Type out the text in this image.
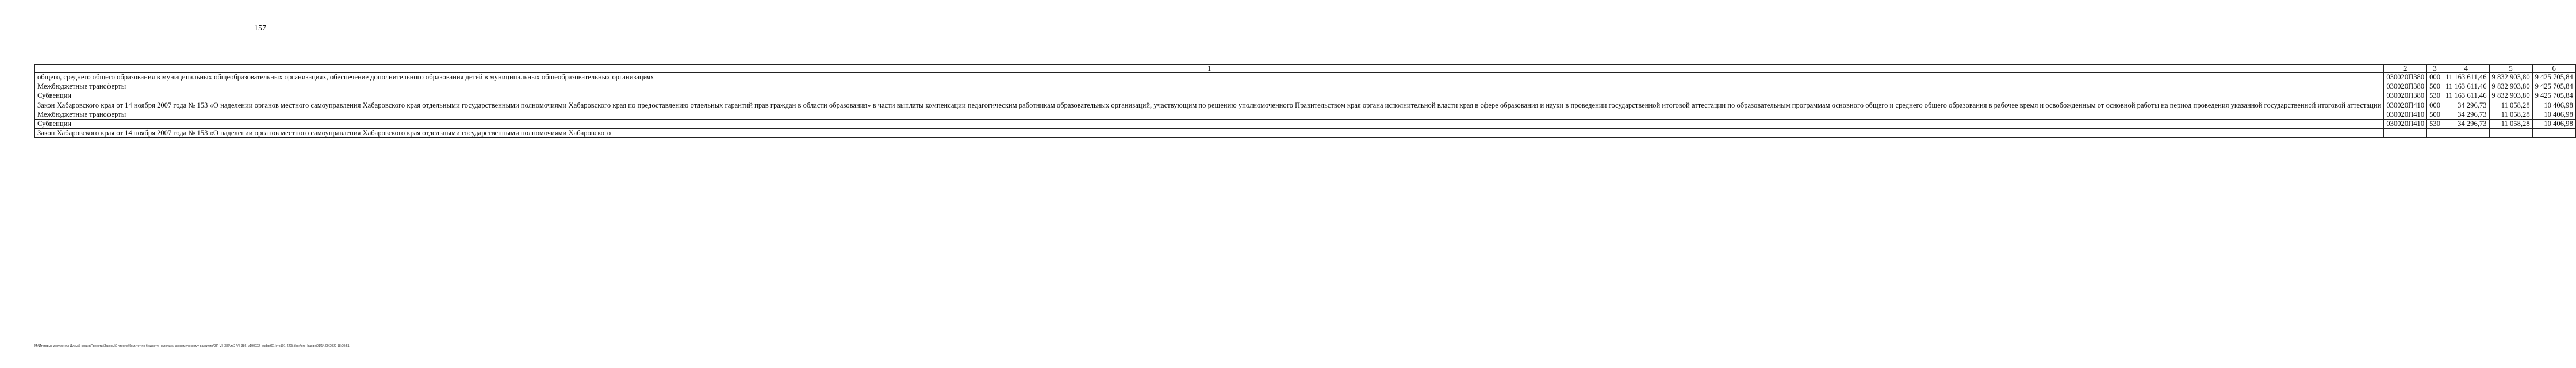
157
1	2	3	4	5	6
общего, среднего общего образования в муниципальных общеобразовательных организациях, обеспечение дополнительного образования детей в муниципальных общеобразовательных организациях	030020П380	000	11 163 611,46	9 832 903,80	9 425 705,84
Межбюджетные трансферты	030020П380	500	11 163 611,46	9 832 903,80	9 425 705,84
Субвенции	030020П380	530	11 163 611,46	9 832 903,80	9 425 705,84
Закон Хабаровского края от 14 ноября 2007 года № 153 «О наделении органов местного самоуправления Хабаровского края отдельными государственными полномочиями Хабаровского края по предоставлению отдельных гарантий прав граждан в области образования» в части выплаты компенсации педагогическим работникам образовательных организаций, участвующим по решению уполномоченного Правительством края органа исполнительной власти края в сфере образования и науки в проведении государственной итоговой аттестации по образовательным программам основного общего и среднего общего образования в рабочее время и освобожденным от основной работы на период проведения указанной государственной итоговой аттестации	030020П410	000	34 296,73	11 058,28	10 406,98
Межбюджетные трансферты	030020П410	500	34 296,73	11 058,28	10 406,98
Субвенции	030020П410	530	34 296,73	11 058,28	10 406,98
Закон Хабаровского края от 14 ноября 2007 года № 153 «О наделении органов местного самоуправления Хабаровского края отдельными государственными полномочиями Хабаровского					
M:\Итоговые документы Думы\7 созыв\Проекты\Законы\2 чтение\Комитет по бюджету, налогам и экономическому развитию\ЗП-VII-386\zp2-VII-386_v190922_budget01(стр101-420).docx\org_budget01\14.09.2022 18:20:51
